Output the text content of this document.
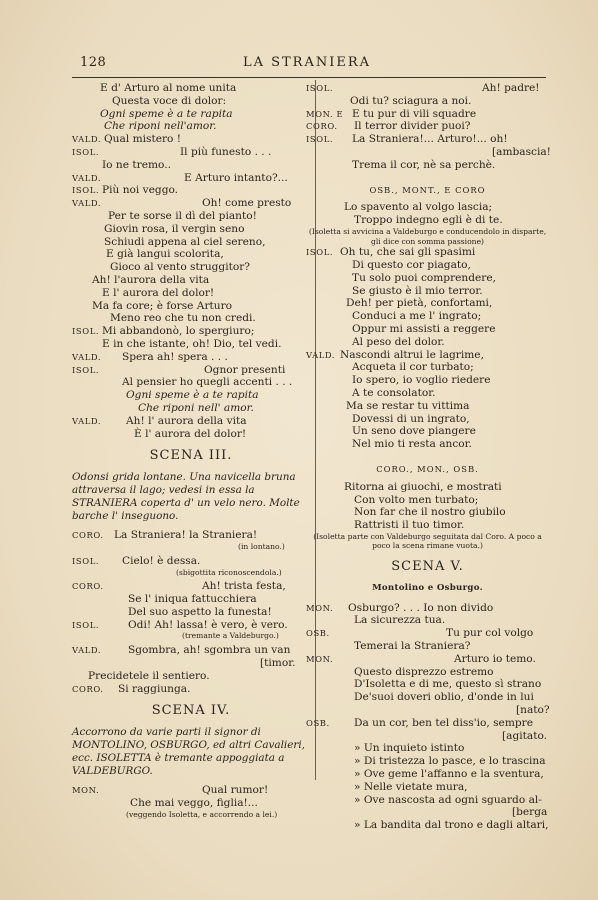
128	LA STRANIERA
E d' Arturo al nome unita
Questa voce di dolor:
Ogni speme è a te rapita
Che riponi nell'amor.
VALD. Qual mistero !
ISOL.	Il più funesto . . .
Io ne tremo..
VALD.	E Arturo intanto?...
ISOL. Più noi veggo.
VALD.	Oh! come presto
Per te sorse il dì del pianto!
Giovin rosa, il vergin seno
Schiudi appena al ciel sereno,
E già langui scolorita,
Gioco al vento struggitor?
Ah! l'aurora della vita
E l' aurora del dolor!
Ma fa core; è forse Arturo
Meno reo che tu non credi.
ISOL. Mi abbandonò, lo spergiuro;
E in che istante, oh! Dio, tel vedi.
VALD.	Spera ah! spera . . .
ISOL.	Ognor presenti
Al pensier ho quegli accenti . . .
Ogni speme è a te rapita
Che riponi nell' amor.
VALD.	Ah! l' aurora della vita
È l' aurora del dolor!
SCENA III.
Odonsi grida lontane. Una navicella bruna attraversa il lago; vedesi in essa la STRANIERA coperta d' un velo nero. Molte barche l' inseguono.
CORO. La Straniera! la Straniera!
(in lontano.)
ISOL.	Cielo! è dessa.
(sbigottita riconoscendola.)
CORO.	Ah! trista festa,
Se l' iniqua fattucchiera
Del suo aspetto la funesta!
ISOL.	Odi! Ah! lassa! è vero, è vero.
(tremante a Valdeburgo.)
VALD.	Sgombra, ah! sgombra un van
[timor.
Precidetele il sentiero.
CORO.	Si raggiunga.
SCENA IV.
Accorrono da varie parti il signor di MONTOLINO, OSBURGO, ed altri Cavalieri, ecc. ISOLETTA è tremante appoggiata a VALDEBURGO.
MON.	Qual rumor!
Che mai veggo, figlia!...
(veggendo Isoletta, e accorrendo a lei.)
ISOL.	Ah! padre!
Odi tu? sciagura a noi.
MON. E E tu pur di vili squadre
CORO.	Il terror divider puoi?
ISOL.	La Straniera!... Arturo!... oh!
[ambascia!
Trema il cor, nè sa perchè.
OSB., MONT., E CORO
Lo spavento al volgo lascia;
Troppo indegno egli è di te.
(Isoletta si avvicina a Valdeburgo e conducendolo in disparte, gli dice con somma passione)
ISOL. Oh tu, che sai gli spasimi
Di questo cor piagato,
Tu solo puoi comprendere,
Se giusto è il mio terror.
Deh! per pietà, confortami,
Conduci a me l' ingrato;
Oppur mi assisti a reggere
Al peso del dolor.
VALD. Nascondi altrui le lagrime,
Acqueta il cor turbato;
Io spero, io voglio riedere
A te consolator.
Ma se restar tu vittima
Dovessi di un ingrato,
Un seno dove piangere
Nel mio ti resta ancor.
CORO., MON., OSB.
Ritorna ai giuochi, e mostrati
Con volto men turbato;
Non far che il nostro giubilo
Rattristi il tuo timor.
(Isoletta parte con Valdeburgo seguitata dal Coro. A poco a poco la scena rimane vuota.)
SCENA V.
Montolino e Osburgo.
MON.	Osburgo? . . . Io non divido
La sicurezza tua.
OSB.	Tu pur col volgo
Temerai la Straniera?
MON.	Arturo io temo.
Questo disprezzo estremo
D'Isoletta e di me, questo sì strano
De'suoi doveri oblio, d'onde in lui
[nato?
OSB.	Da un cor, ben tel diss'io, sempre
[agitato.
» Un inquieto istinto
» Di tristezza lo pasce, e lo trascina
» Ove geme l'affanno e la sventura,
» Nelle vietate mura,
» Ove nascosta ad ogni sguardo al-
[berga
» La bandita dal trono e dagli altari,
